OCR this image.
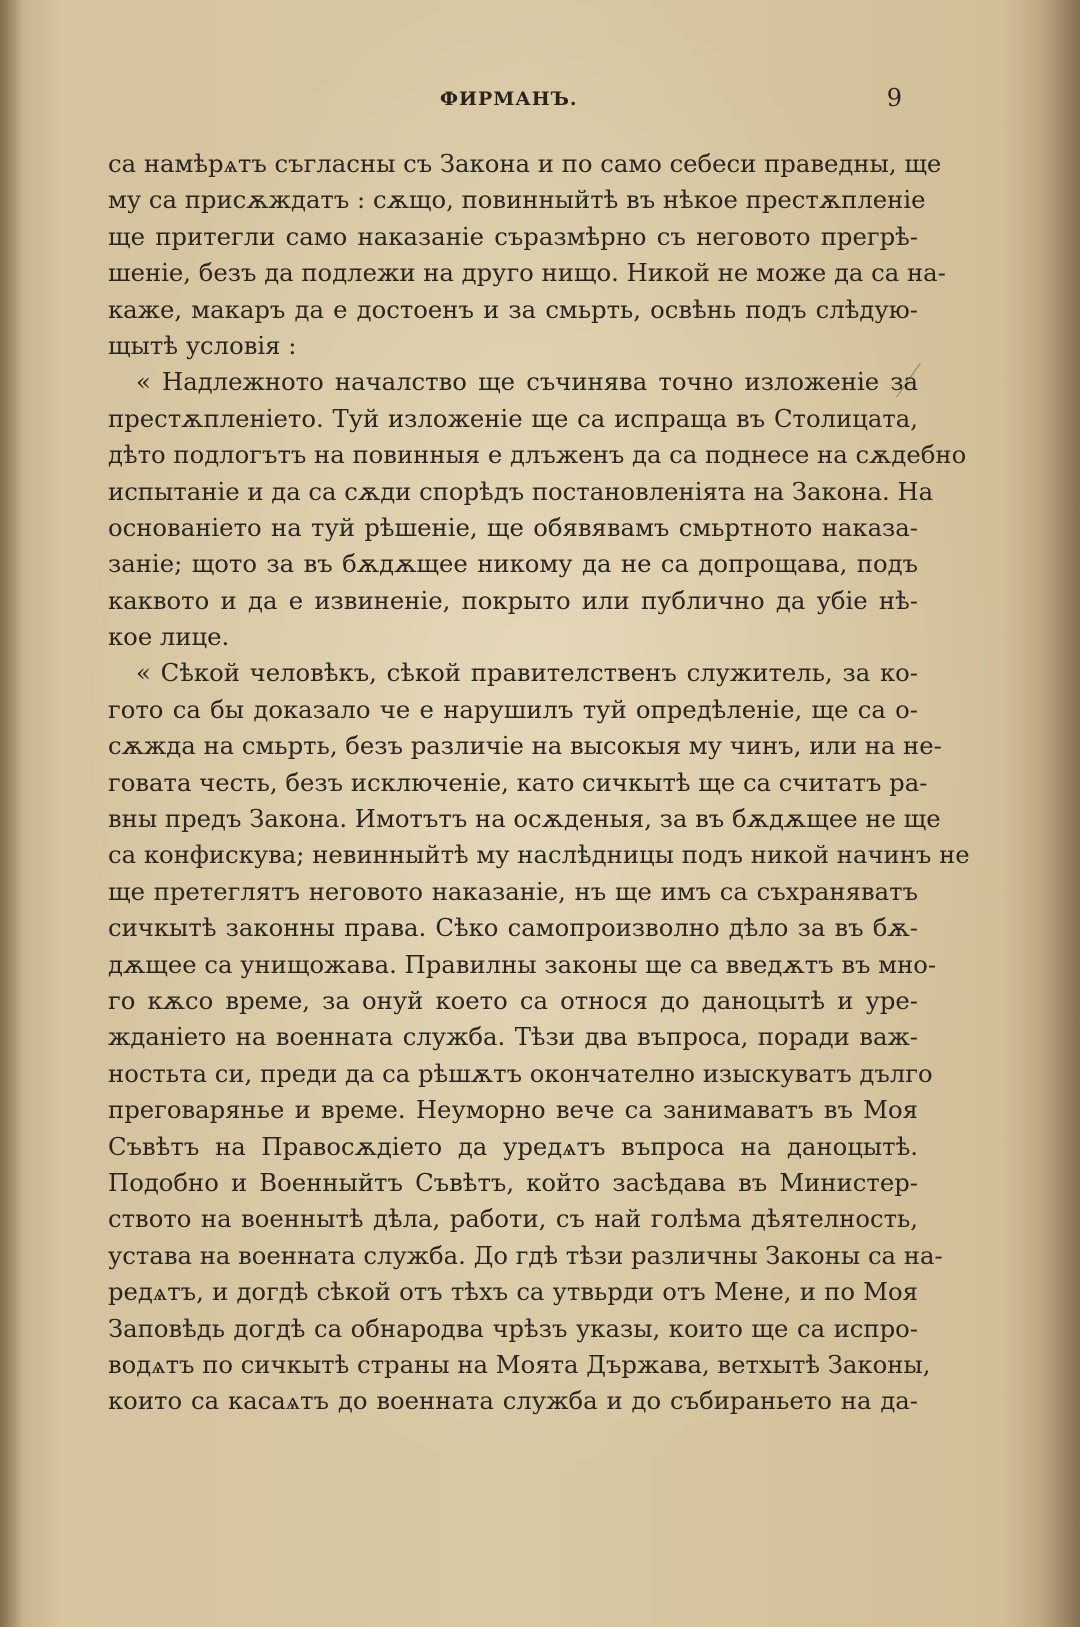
ФИРМАНЪ.	9
са намѣрѧтъ съгласны съ Закона и по само себеси праведны, ще
му са присѫждатъ : сѫщо, повинныйтѣ въ нѣкое престѫпленіе
ще притегли само наказаніе съразмѣрно съ неговото прегрѣ-
шеніе, безъ да подлежи на друго нищо. Никой не може да са на-
каже, макаръ да е достоенъ и за смьрть, освѣнь подъ слѣдую-
щытѣ условія :
« Надлежното началство ще съчинява точно изложеніе за
престѫпленіето. Туй изложеніе ще са испраща въ Столицата,
дѣто подлогътъ на повинныя е длъженъ да са поднесе на сѫдебно
испытаніе и да са сѫди спорѣдъ постановленіята на Закона. На
основаніето на туй рѣшеніе, ще обявявамъ смьртното наказа-
заніе; щото за въ бѫдѫщее никому да не са допрощава, подъ
каквото и да е извиненіе, покрыто или публично да убіе нѣ-
кое лице.
« Сѣкой человѣкъ, сѣкой правителственъ служитель, за ко-
гото са бы доказало че е нарушилъ туй опредѣленіе, ще са о-
сѫжда на смьрть, безъ различіе на высокыя му чинъ, или на не-
говата честь, безъ исключеніе, като сичкытѣ ще са считатъ ра-
вны предъ Закона. Имотътъ на осѫденыя, за въ бѫдѫщее не ще
са конфискува; невинныйтѣ му наслѣдницы подъ никой начинъ не
ще претеглятъ неговото наказаніе, нъ ще имъ са съхраняватъ
сичкытѣ законны права. Сѣко самопроизволно дѣло за въ бѫ-
дѫщее са унищожава. Правилны законы ще са введѫтъ въ мно-
го кѫсо време, за онуй което са относя до даноцытѣ и уре-
жданіето на военната служба. Тѣзи два въпроса, поради важ-
ностьта си, преди да са рѣшѫтъ окончателно изыскуватъ дълго
преговаряньe и време. Неуморно вече са занимаватъ въ Моя
Съвѣтъ на Правосѫдіето да уредѧтъ въпроса на даноцытѣ.
Подобно и Военныйтъ Съвѣтъ, който засѣдава въ Министер-
ството на военнытѣ дѣла, работи, съ най голѣма дѣятелность,
устава на военната служба. До гдѣ тѣзи различны Законы са на-
редѧтъ, и догдѣ сѣкой отъ тѣхъ са утвьрди отъ Мене, и по Моя
Заповѣдь догдѣ са обнародва чрѣзъ указы, които ще са испро-
водѧтъ по сичкытѣ страны на Моята Държава, ветхытѣ Законы,
които са касаѧтъ до военната служба и до събираньето на да-
